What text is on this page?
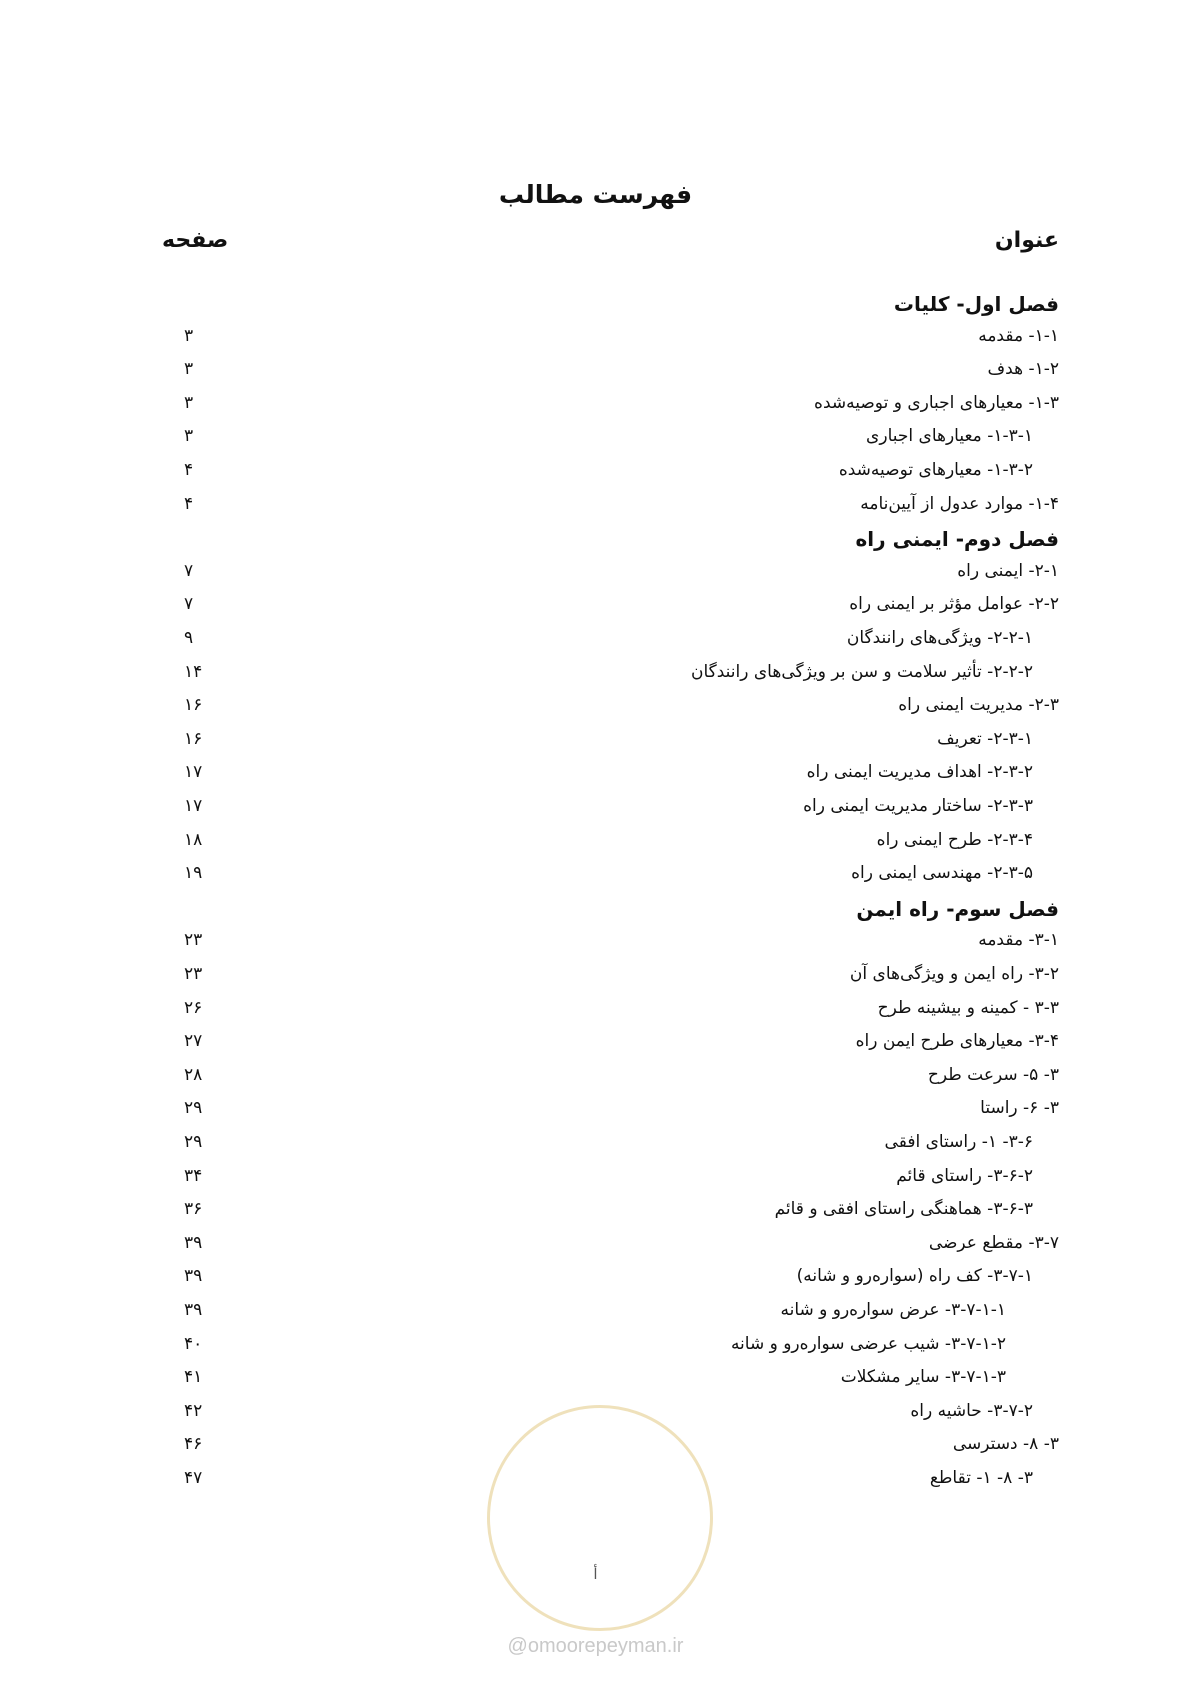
فهرست مطالب
عنوان
صفحه
فصل اول- كليات
۱-۱- مقدمه
۳
۱-۲- هدف
۳
۱-۳- معيارهای اجباری و توصيه‌شده
۳
۱-۳-۱- معيارهای اجباری
۳
۱-۳-۲- معيارهای توصيه‌شده
۴
۱-۴- موارد عدول از آيين‌نامه
۴
فصل دوم- ايمنی راه
۲-۱- ايمنی راه
۷
۲-۲- عوامل مؤثر بر ايمنی راه
۷
۲-۲-۱- ويژگی‌های رانندگان
۹
۲-۲-۲- تأثير سلامت و سن بر ويژگی‌های رانندگان
۱۴
۲-۳- مديريت ايمنی راه
۱۶
۲-۳-۱- تعريف
۱۶
۲-۳-۲- اهداف مديريت ايمنی راه
۱۷
۲-۳-۳- ساختار مديريت ايمنی راه
۱۷
۲-۳-۴- طرح ايمنی راه
۱۸
۲-۳-۵- مهندسی ايمنی راه
۱۹
فصل سوم- راه ايمن
۳-۱- مقدمه
۲۳
۳-۲- راه ايمن و ويژگی‌های آن
۲۳
۳-۳ - كمينه و بيشينه طرح
۲۶
۳-۴- معيارهای طرح ايمن راه
۲۷
۳- ۵- سرعت طرح
۲۸
۳- ۶- راستا
۲۹
۳-۶- ۱- راستای افقی
۲۹
۳-۶-۲- راستای قائم
۳۴
۳-۶-۳- هماهنگی راستای افقی و قائم
۳۶
۳-۷- مقطع عرضی
۳۹
۳-۷-۱- كف راه (سواره‌رو و شانه)
۳۹
۳-۷-۱-۱- عرض سواره‌رو و شانه
۳۹
۳-۷-۱-۲- شيب عرضی سواره‌رو و شانه
۴۰
۳-۷-۱-۳- ساير مشكلات
۴۱
۳-۷-۲- حاشيه راه
۴۲
۳- ۸- دسترسی
۴۶
۳- ۸- ۱- تقاطع
۴۷
أ
@omoorepeyman.ir
